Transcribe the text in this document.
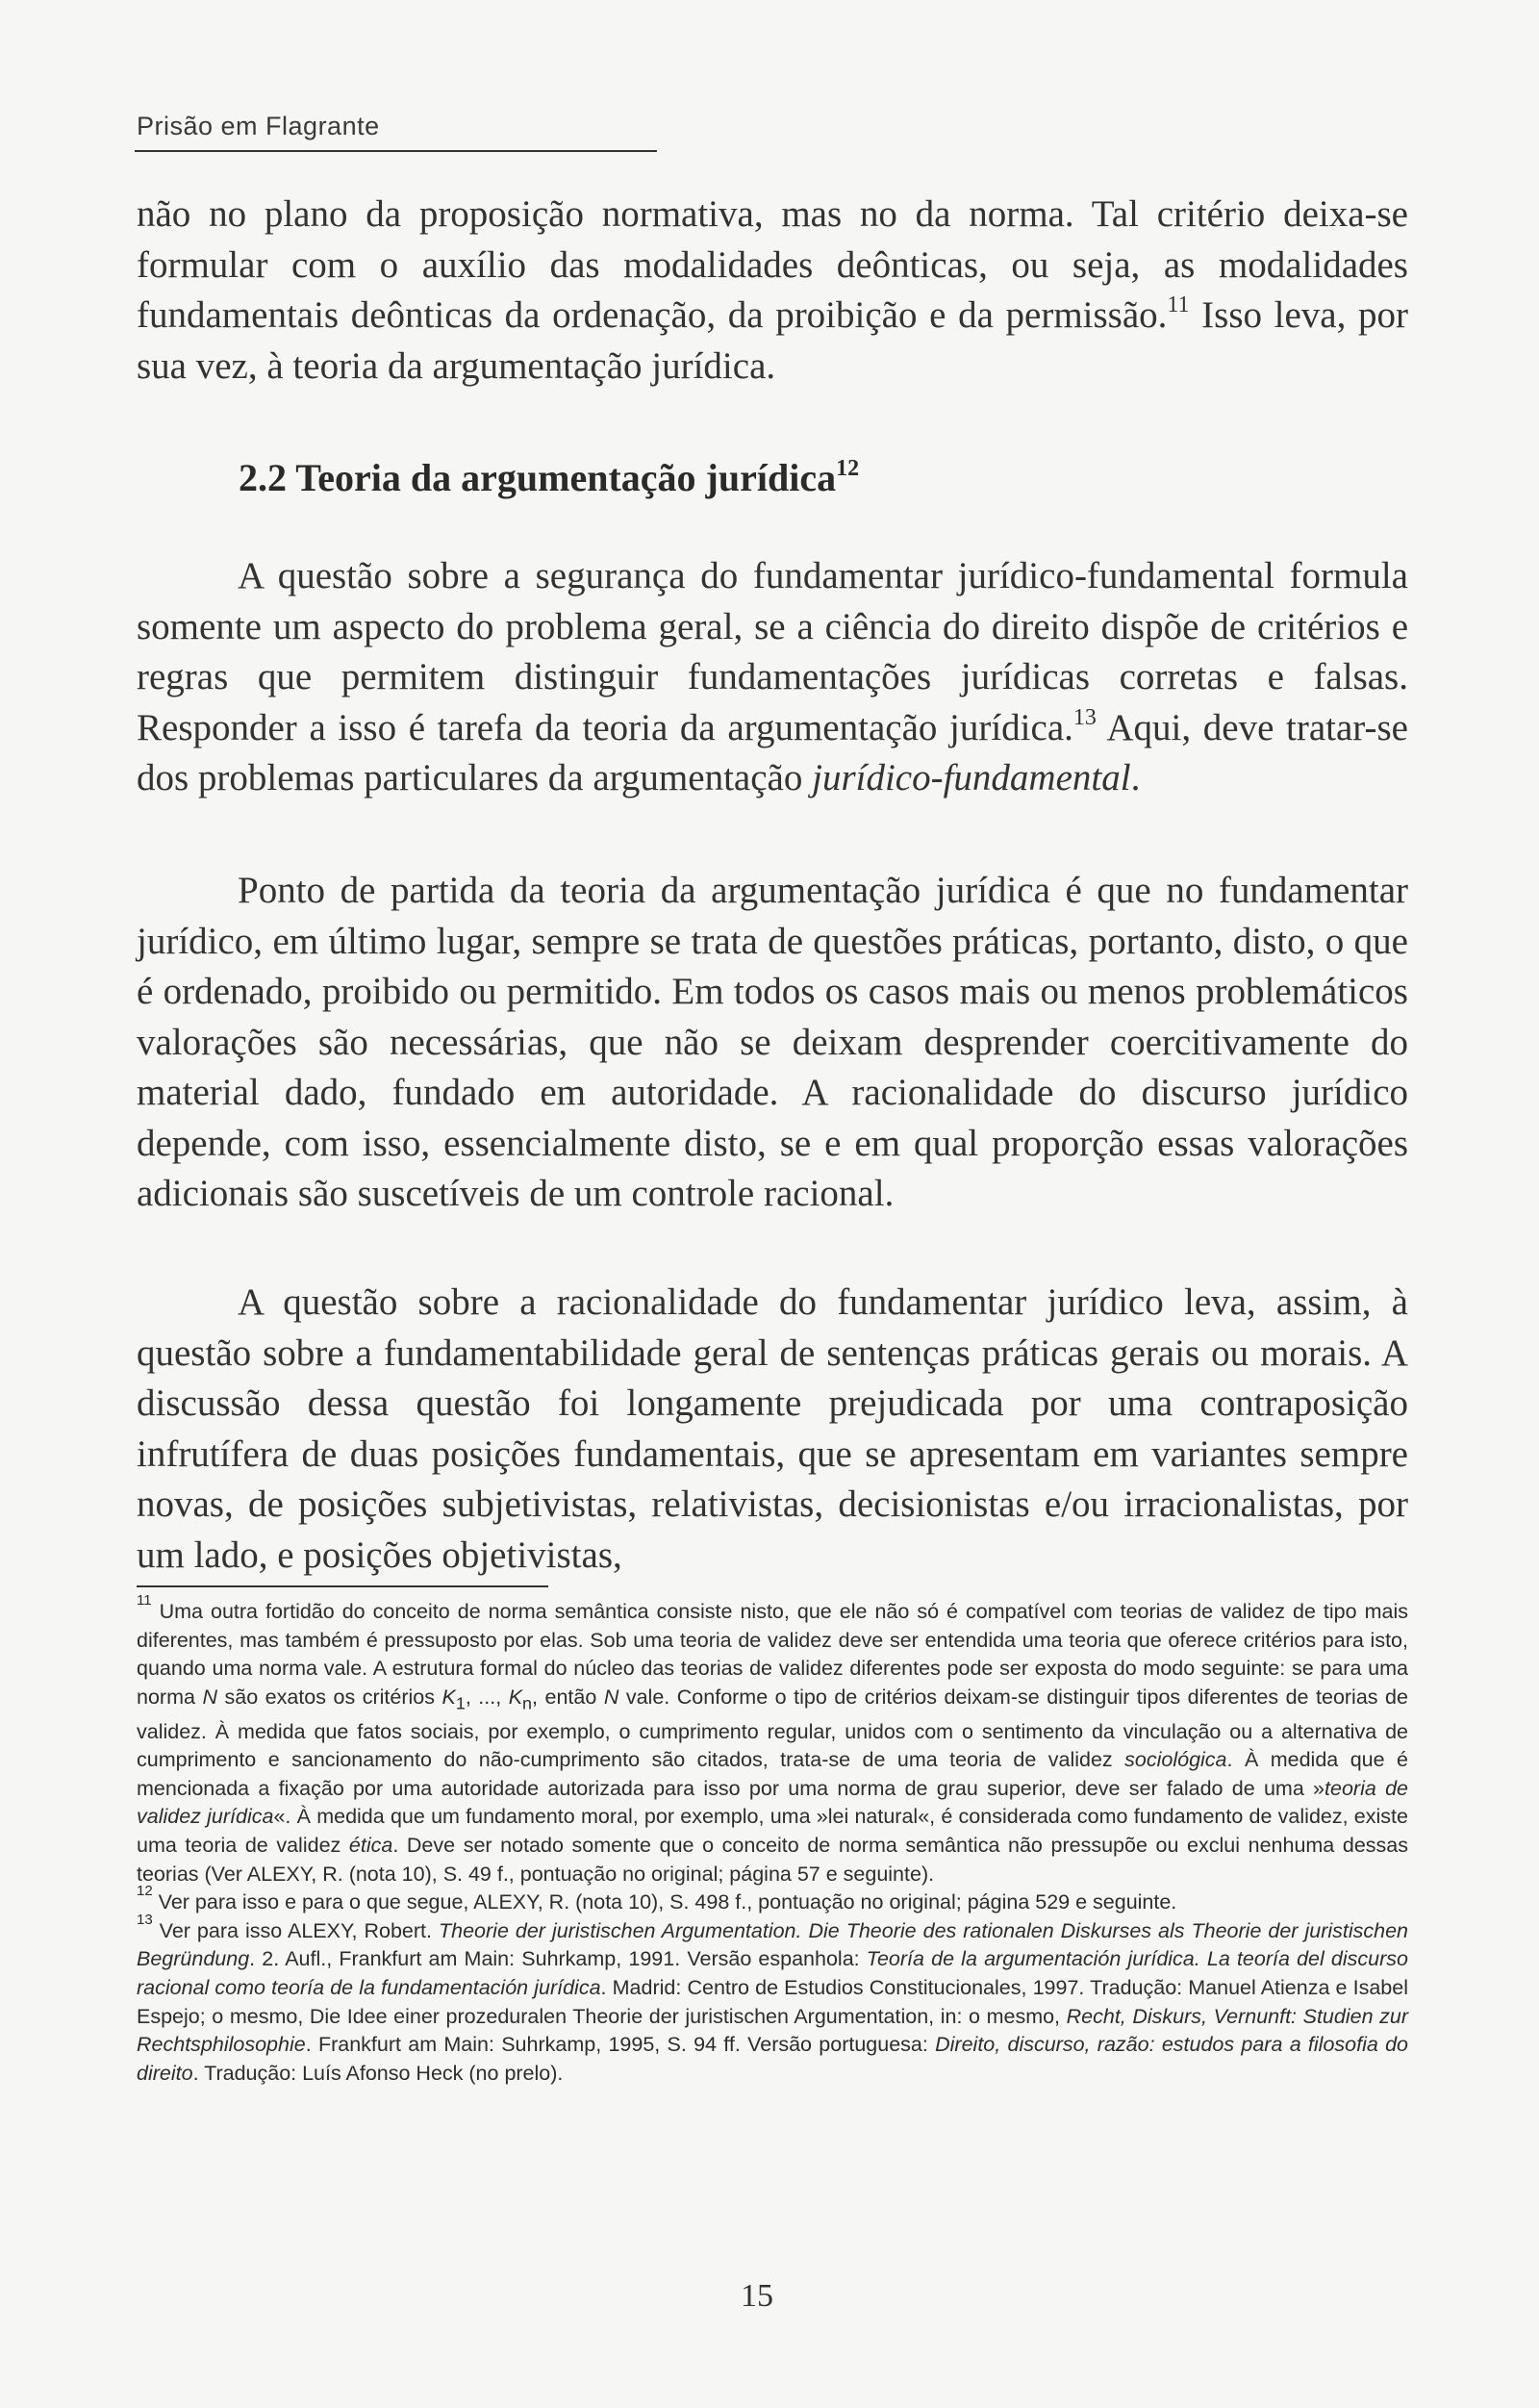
Prisão em Flagrante

não no plano da proposição normativa, mas no da norma. Tal critério deixa-se formular com o auxílio das modalidades deônticas, ou seja, as modalidades fundamentais deônticas da ordenação, da proibição e da permissão.$^{11}$ Isso leva, por sua vez, à teoria da argumentação jurídica.

2.2 Teoria da argumentação jurídica$^{12}$

A questão sobre a segurança do fundamentar jurídico-fundamental formula somente um aspecto do problema geral, se a ciência do direito dispõe de critérios e regras que permitem distinguir fundamentações jurídicas corretas e falsas. Responder a isso é tarefa da teoria da argumentação jurídica.$^{13}$ Aqui, deve tratar-se dos problemas particulares da argumentação jurídico-fundamental.

Ponto de partida da teoria da argumentação jurídica é que no fundamentar jurídico, em último lugar, sempre se trata de questões práticas, portanto, disto, o que é ordenado, proibido ou permitido. Em todos os casos mais ou menos problemáticos valorações são necessárias, que não se deixam desprender coercitivamente do material dado, fundado em autoridade. A racionalidade do discurso jurídico depende, com isso, essencialmente disto, se e em qual proporção essas valorações adicionais são suscetíveis de um controle racional.

A questão sobre a racionalidade do fundamentar jurídico leva, assim, à questão sobre a fundamentabilidade geral de sentenças práticas gerais ou morais. A discussão dessa questão foi longamente prejudicada por uma contraposição infrutífera de duas posições fundamentais, que se apresentam em variantes sempre novas, de posições subjetivistas, relativistas, decisionistas e/ou irracionalistas, por um lado, e posições objetivistas,

$^{11}$ Uma outra fortidão do conceito de norma semântica consiste nisto, que ele não só é compatível com teorias de validez de tipo mais diferentes, mas também é pressuposto por elas. Sob uma teoria de validez deve ser entendida uma teoria que oferece critérios para isto, quando uma norma vale. A estrutura formal do núcleo das teorias de validez diferentes pode ser exposta do modo seguinte: se para uma norma N são exatos os critérios $K_1$, ..., $K_n$, então N vale. Conforme o tipo de critérios deixam-se distinguir tipos diferentes de teorias de validez. À medida que fatos sociais, por exemplo, o cumprimento regular, unidos com o sentimento da vinculação ou a alternativa de cumprimento e sancionamento do não-cumprimento são citados, trata-se de uma teoria de validez sociológica. À medida que é mencionada a fixação por uma autoridade autorizada para isso por uma norma de grau superior, deve ser falado de uma »teoria de validez jurídica«. À medida que um fundamento moral, por exemplo, uma »lei natural«, é considerada como fundamento de validez, existe uma teoria de validez ética. Deve ser notado somente que o conceito de norma semântica não pressupõe ou exclui nenhuma dessas teorias (Ver ALEXY, R. (nota 10), S. 49 f., pontuação no original; página 57 e seguinte).

$^{12}$ Ver para isso e para o que segue, ALEXY, R. (nota 10), S. 498 f., pontuação no original; página 529 e seguinte.

$^{13}$ Ver para isso ALEXY, Robert. Theorie der juristischen Argumentation. Die Theorie des rationalen Diskurses als Theorie der juristischen Begründung. 2. Aufl., Frankfurt am Main: Suhrkamp, 1991. Versão espanhola: Teoría de la argumentación jurídica. La teoría del discurso racional como teoría de la fundamentación jurídica. Madrid: Centro de Estudios Constitucionales, 1997. Tradução: Manuel Atienza e Isabel Espejo; o mesmo, Die Idee einer prozeduralen Theorie der juristischen Argumentation, in: o mesmo, Recht, Diskurs, Vernunft: Studien zur Rechtsphilosophie. Frankfurt am Main: Suhrkamp, 1995, S. 94 ff. Versão portuguesa: Direito, discurso, razão: estudos para a filosofia do direito. Tradução: Luís Afonso Heck (no prelo).

15
